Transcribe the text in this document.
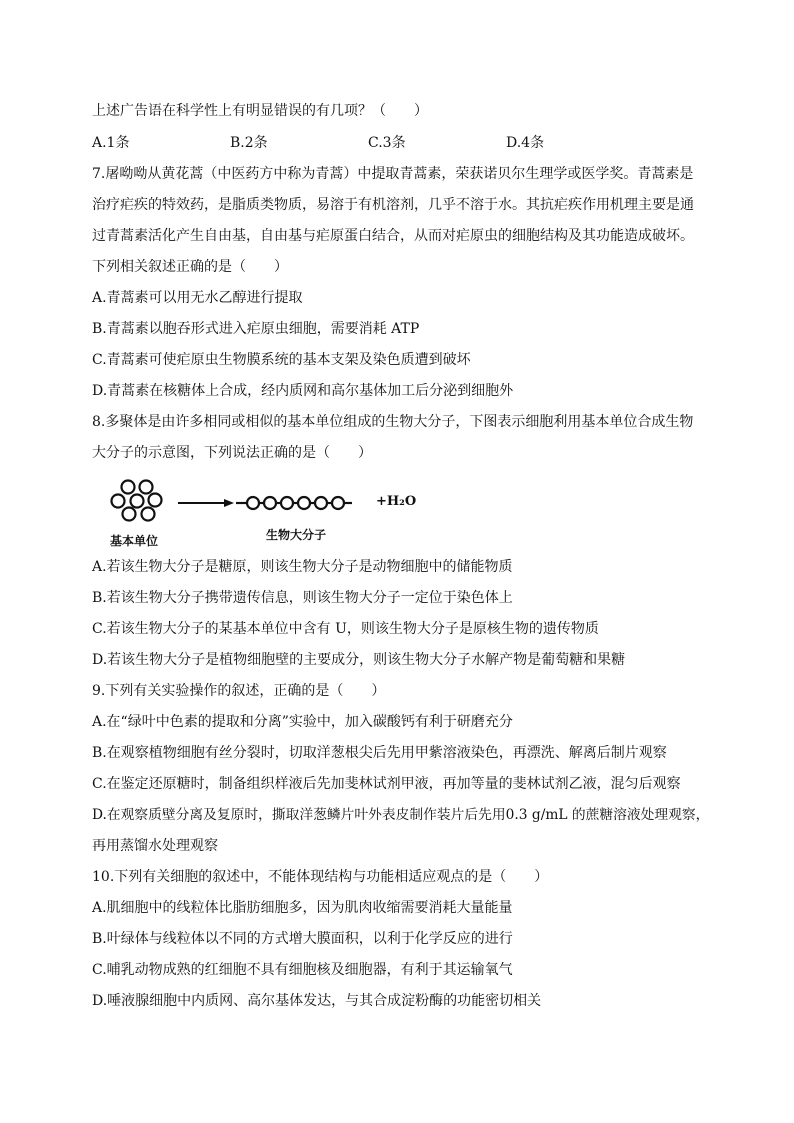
上述广告语在科学性上有明显错误的有几项？（　　）
A.1条	B.2条	C.3条	D.4条
7.屠呦呦从黄花蒿（中医药方中称为青蒿）中提取青蒿素，荣获诺贝尔生理学或医学奖。青蒿素是
治疗疟疾的特效药，是脂质类物质，易溶于有机溶剂，几乎不溶于水。其抗疟疾作用机理主要是通
过青蒿素活化产生自由基，自由基与疟原蛋白结合，从而对疟原虫的细胞结构及其功能造成破坏。
下列相关叙述正确的是（　　）
A.青蒿素可以用无水乙醇进行提取
B.青蒿素以胞吞形式进入疟原虫细胞，需要消耗 ATP
C.青蒿素可使疟原虫生物膜系统的基本支架及染色质遭到破坏
D.青蒿素在核糖体上合成，经内质网和高尔基体加工后分泌到细胞外
8.多聚体是由许多相同或相似的基本单位组成的生物大分子，下图表示细胞利用基本单位合成生物
大分子的示意图，下列说法正确的是（　　）
+H₂O
基本单位	生物大分子
A.若该生物大分子是糖原，则该生物大分子是动物细胞中的储能物质
B.若该生物大分子携带遗传信息，则该生物大分子一定位于染色体上
C.若该生物大分子的某基本单位中含有 U，则该生物大分子是原核生物的遗传物质
D.若该生物大分子是植物细胞壁的主要成分，则该生物大分子水解产物是葡萄糖和果糖
9.下列有关实验操作的叙述，正确的是（　　）
A.在“绿叶中色素的提取和分离”实验中，加入碳酸钙有利于研磨充分
B.在观察植物细胞有丝分裂时，切取洋葱根尖后先用甲紫溶液染色，再漂洗、解离后制片观察
C.在鉴定还原糖时，制备组织样液后先加斐林试剂甲液，再加等量的斐林试剂乙液，混匀后观察
D.在观察质壁分离及复原时，撕取洋葱鳞片叶外表皮制作装片后先用0.3 g/mL 的蔗糖溶液处理观察，
再用蒸馏水处理观察
10.下列有关细胞的叙述中，不能体现结构与功能相适应观点的是（　　）
A.肌细胞中的线粒体比脂肪细胞多，因为肌肉收缩需要消耗大量能量
B.叶绿体与线粒体以不同的方式增大膜面积，以利于化学反应的进行
C.哺乳动物成熟的红细胞不具有细胞核及细胞器，有利于其运输氧气
D.唾液腺细胞中内质网、高尔基体发达，与其合成淀粉酶的功能密切相关
